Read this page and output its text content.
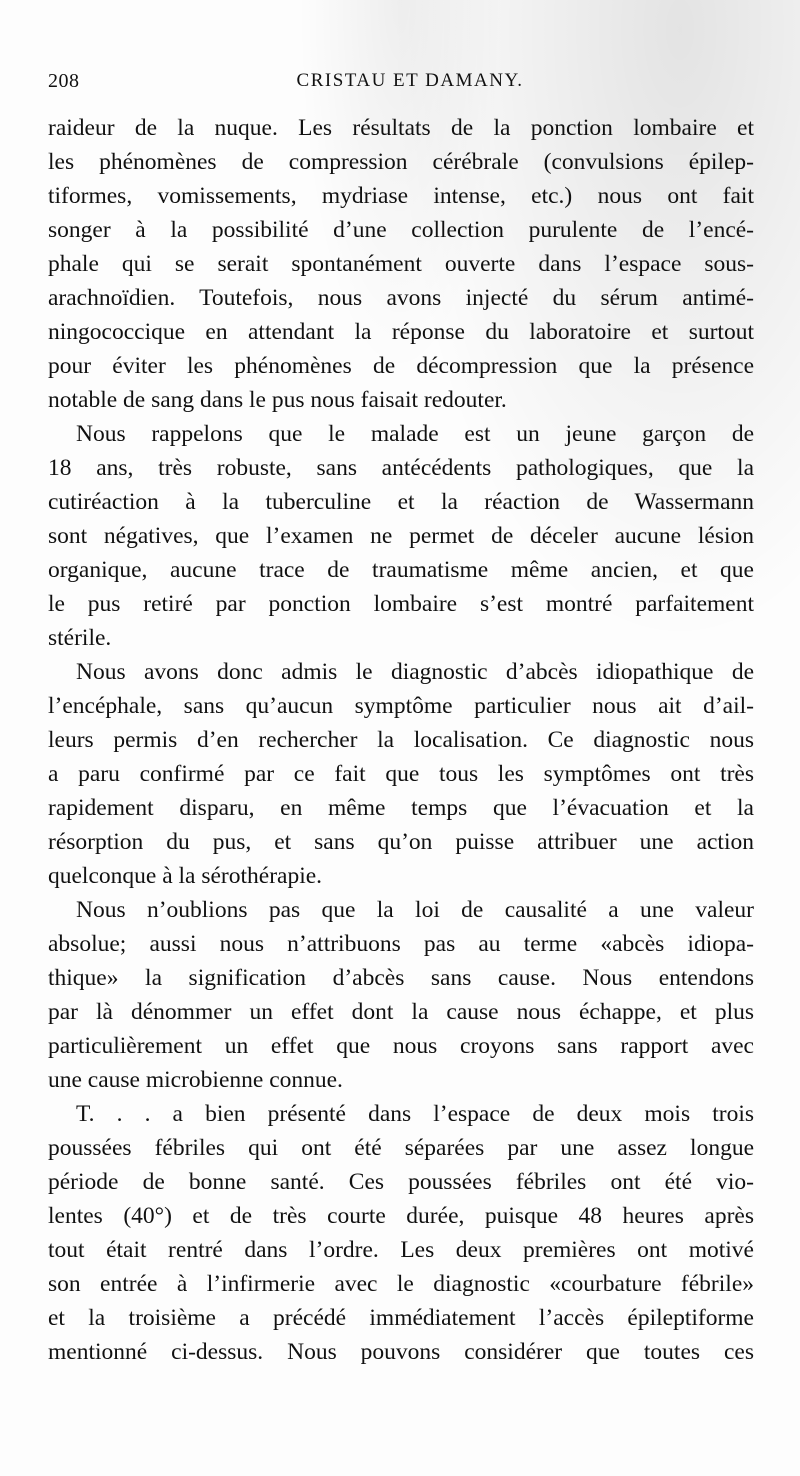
208	CRISTAU ET DAMANY.
raideur de la nuque. Les résultats de la ponction lombaire et
les phénomènes de compression cérébrale (convulsions épilep-
tiformes, vomissements, mydriase intense, etc.) nous ont fait
songer à la possibilité d’une collection purulente de l’encé-
phale qui se serait spontanément ouverte dans l’espace sous-
arachnoïdien. Toutefois, nous avons injecté du sérum antimé-
ningococcique en attendant la réponse du laboratoire et surtout
pour éviter les phénomènes de décompression que la présence
notable de sang dans le pus nous faisait redouter.
Nous rappelons que le malade est un jeune garçon de
18 ans, très robuste, sans antécédents pathologiques, que la
cutiréaction à la tuberculine et la réaction de Wassermann
sont négatives, que l’examen ne permet de déceler aucune lésion
organique, aucune trace de traumatisme même ancien, et que
le pus retiré par ponction lombaire s’est montré parfaitement
stérile.
Nous avons donc admis le diagnostic d’abcès idiopathique de
l’encéphale, sans qu’aucun symptôme particulier nous ait d’ail-
leurs permis d’en rechercher la localisation. Ce diagnostic nous
a paru confirmé par ce fait que tous les symptômes ont très
rapidement disparu, en même temps que l’évacuation et la
résorption du pus, et sans qu’on puisse attribuer une action
quelconque à la sérothérapie.
Nous n’oublions pas que la loi de causalité a une valeur
absolue; aussi nous n’attribuons pas au terme «abcès idiopa-
thique» la signification d’abcès sans cause. Nous entendons
par là dénommer un effet dont la cause nous échappe, et plus
particulièrement un effet que nous croyons sans rapport avec
une cause microbienne connue.
T. . . a bien présenté dans l’espace de deux mois trois
poussées fébriles qui ont été séparées par une assez longue
période de bonne santé. Ces poussées fébriles ont été vio-
lentes (40°) et de très courte durée, puisque 48 heures après
tout était rentré dans l’ordre. Les deux premières ont motivé
son entrée à l’infirmerie avec le diagnostic «courbature fébrile»
et la troisième a précédé immédiatement l’accès épileptiforme
mentionné ci-dessus. Nous pouvons considérer que toutes ces
